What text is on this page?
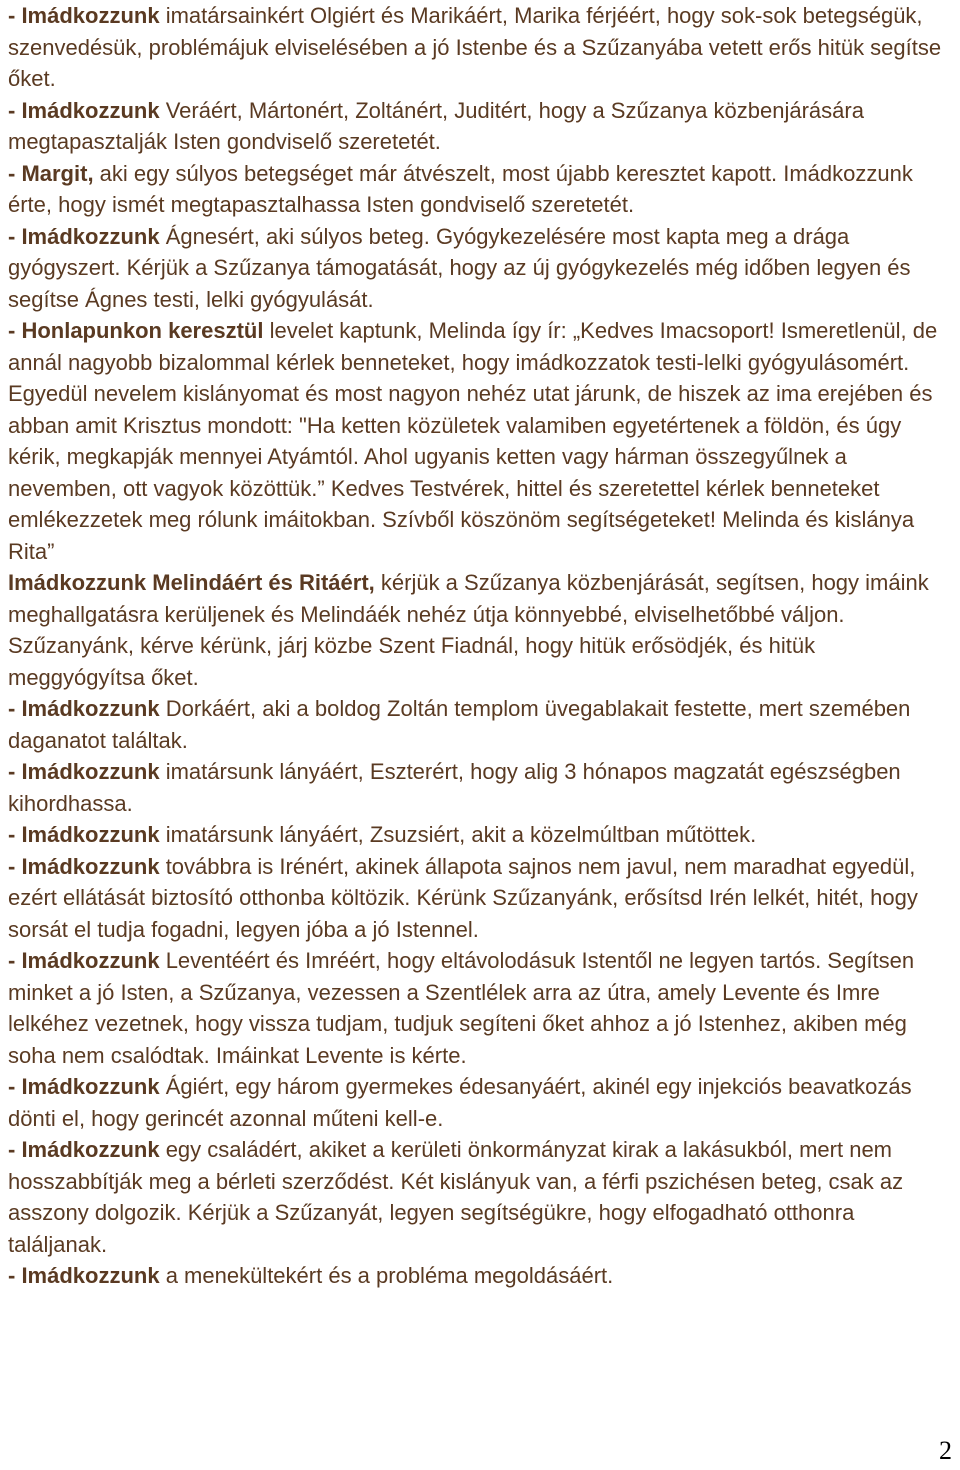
- Imádkozzunk imatársainkért Olgiért és Marikáért, Marika férjéért, hogy sok-sok betegségük, szenvedésük, problémájuk elviselésében a jó Istenbe és a Szűzanyába vetett erős hitük segítse őket.

- Imádkozzunk Veráért, Mártonért, Zoltánért, Juditért, hogy a Szűzanya közbenjárására megtapasztalják Isten gondviselő szeretetét.

- Margit, aki egy súlyos betegséget már átvészelt, most újabb keresztet kapott. Imádkozzunk érte, hogy ismét megtapasztalhassa Isten gondviselő szeretetét.

- Imádkozzunk Ágnesért, aki súlyos beteg. Gyógykezelésére most kapta meg a drága gyógyszert. Kérjük a Szűzanya támogatását, hogy az új gyógykezelés még időben legyen és segítse Ágnes testi, lelki gyógyulását.

- Honlapunkon keresztül levelet kaptunk, Melinda így ír: „Kedves Imacsoport! Ismeretlenül, de annál nagyobb bizalommal kérlek benneteket, hogy imádkozzatok testi-lelki gyógyulásomért. Egyedül nevelem kislányomat és most nagyon nehéz utat járunk, de hiszek az ima erejében és abban amit Krisztus mondott: "Ha ketten közületek valamiben egyetértenek a földön, és úgy kérik, megkapják mennyei Atyámtól. Ahol ugyanis ketten vagy hárman összegyűlnek a nevemben, ott vagyok közöttük.” Kedves Testvérek, hittel és szeretettel kérlek benneteket emlékezzetek meg rólunk imáitokban. Szívből köszönöm segítségeteket! Melinda és kislánya Rita”

Imádkozzunk Melindáért és Ritáért, kérjük a Szűzanya közbenjárását, segítsen, hogy imáink meghallgatásra kerüljenek és Melindáék nehéz útja könnyebbé, elviselhetőbbé váljon. Szűzanyánk, kérve kérünk, járj közbe Szent Fiadnál, hogy hitük erősödjék, és hitük meggyógyítsa őket.

- Imádkozzunk Dorkáért, aki a boldog Zoltán templom üvegablakait festette, mert szemében daganatot találtak.

- Imádkozzunk imatársunk lányáért, Eszterért, hogy alig 3 hónapos magzatát egészségben kihordhassa.

- Imádkozzunk imatársunk lányáért, Zsuzsiért, akit a közelmúltban műtöttek.

- Imádkozzunk továbbra is Irénért, akinek állapota sajnos nem javul, nem maradhat egyedül, ezért ellátását biztosító otthonba költözik. Kérünk Szűzanyánk, erősítsd Irén lelkét, hitét, hogy sorsát el tudja fogadni, legyen jóba a jó Istennel.

- Imádkozzunk Leventéért és Imréért, hogy eltávolodásuk Istentől ne legyen tartós. Segítsen minket a jó Isten, a Szűzanya, vezessen a Szentlélek arra az útra, amely Levente és Imre lelkéhez vezetnek, hogy vissza tudjam, tudjuk segíteni őket ahhoz a jó Istenhez, akiben még soha nem csalódtak. Imáinkat Levente is kérte.

- Imádkozzunk Ágiért, egy három gyermekes édesanyáért, akinél egy injekciós beavatkozás dönti el, hogy gerincét azonnal műteni kell-e.

- Imádkozzunk egy családért, akiket a kerületi önkormányzat kirak a lakásukból, mert nem hosszabbítják meg a bérleti szerződést. Két kislányuk van, a férfi pszichésen beteg, csak az asszony dolgozik. Kérjük a Szűzanyát, legyen segítségükre, hogy elfogadható otthonra találjanak.

- Imádkozzunk a menekültekért és a probléma megoldásáért.

2
